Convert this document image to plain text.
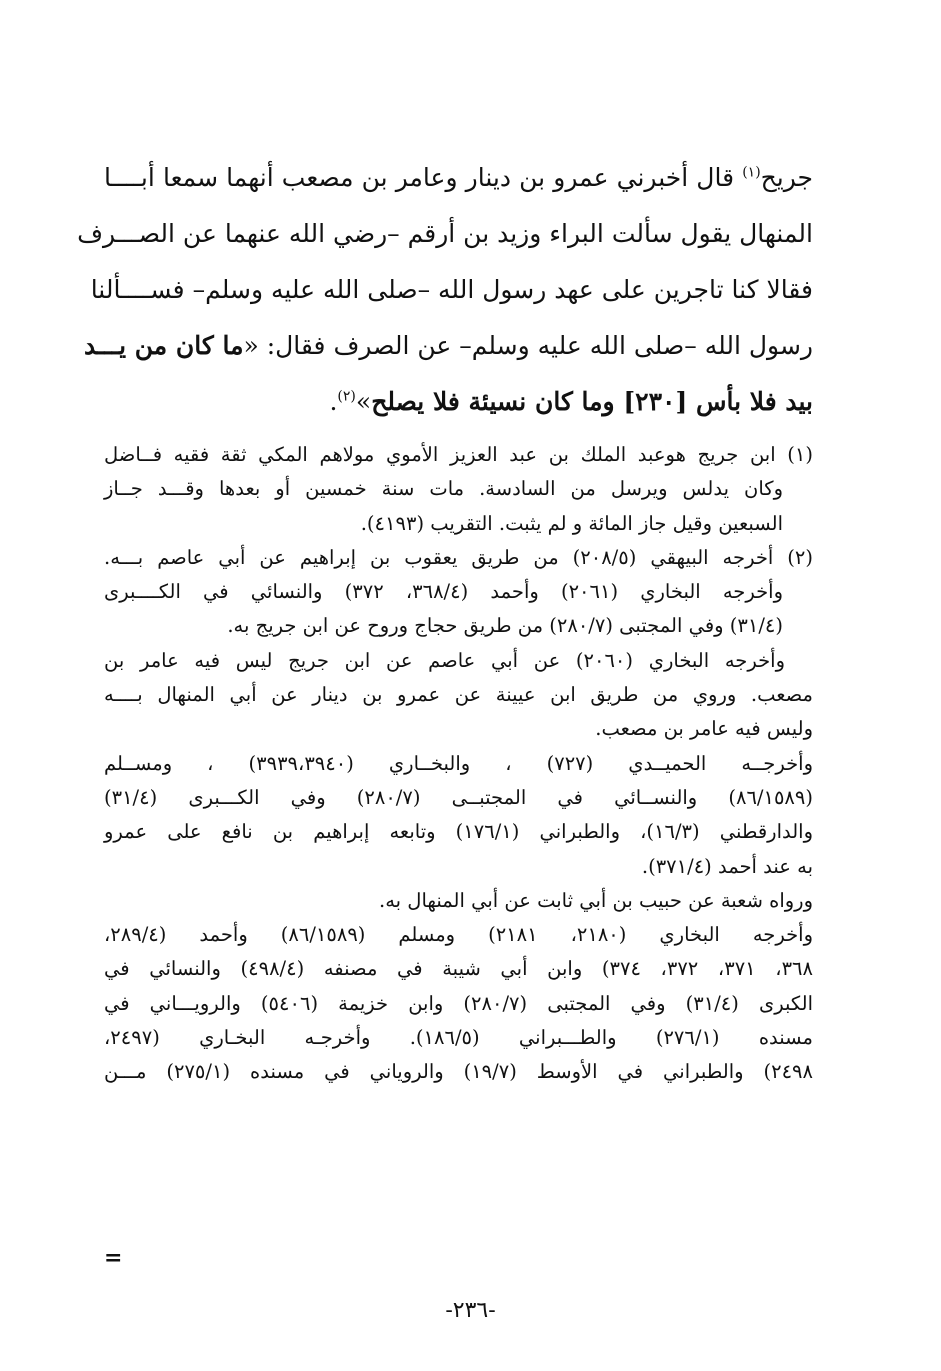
جريح$^{(١)}$ قال أخبرني عمرو بن دينار وعامر بن مصعب أنهما سمعا أبــــا
المنهال يقول سألت البراء وزيد بن أرقم –رضي الله عنهما عن الصـــرف
فقالا كنا تاجرين على عهد رسول الله –صلى الله عليه وسلم– فســــألنا
رسول الله –صلى الله عليه وسلم– عن الصرف فقال: «ما كان من يـــد
بيد فلا بأس [٢٣٠] وما كان نسيئة فلا يصلح»$^{(٢)}$.
(١) ابن جريج هوعبد الملك بن عبد العزيز الأموي مولاهم المكي ثقة فقيه فــاضل
وكان يدلس ويرسل من السادسة. مات سنة خمسين أو بعدها وقـــد جــاز
السبعين وقيل جاز المائة و لم يثبت. التقريب (٤١٩٣).
(٢) أخرجه البيهقي (٢٠٨/٥) من طريق يعقوب بن إبراهيم عن أبي عاصم بـــه.
وأخرجه البخاري (٢٠٦١) وأحمد (٣٦٨/٤، ٣٧٢) والنسائي في الكــــبرى
(٣١/٤) وفي المجتبى (٢٨٠/٧) من طريق حجاج وروح عن ابن جريج به.
وأخرجه البخاري (٢٠٦٠) عن أبي عاصم عن ابن جريج ليس فيه عامر بن
مصعب. وروي من طريق ابن عيينة عن عمرو بن دينار عن أبي المنهال بــــه
وليس فيه عامر بن مصعب.
وأخرجــه الحميــدي (٧٢٧) ، والبخــاري (٣٩٣٩،٣٩٤٠) ، ومســلم
(٨٦/١٥٨٩) والنســائي في المجتبــى (٢٨٠/٧) وفي الكـــبرى (٣١/٤)
والدارقطني (١٦/٣)، والطبراني (١٧٦/١) وتابعه إبراهيم بن نافع على عمرو
به عند أحمد (٣٧١/٤).
ورواه شعبة عن حبيب بن أبي ثابت عن أبي المنهال به.
وأخرجه البخاري (٢١٨٠، ٢١٨١) ومسلم (٨٦/١٥٨٩) وأحمد (٢٨٩/٤،
٣٦٨، ٣٧١، ٣٧٢، ٣٧٤) وابن أبي شيبة في مصنفه (٤٩٨/٤) والنسائي في
الكبرى (٣١/٤) وفي المجتبى (٢٨٠/٧) وابن خزيمة (٥٤٠٦) والرويـــاني في
مسنده (٢٧٦/١) والطـــبراني (١٨٦/٥). وأخرجـه البخـاري (٢٤٩٧،
٢٤٩٨) والطبراني في الأوسط (١٩/٧) والروياني في مسنده (٢٧٥/١) مـــن
=
-٢٣٦-
